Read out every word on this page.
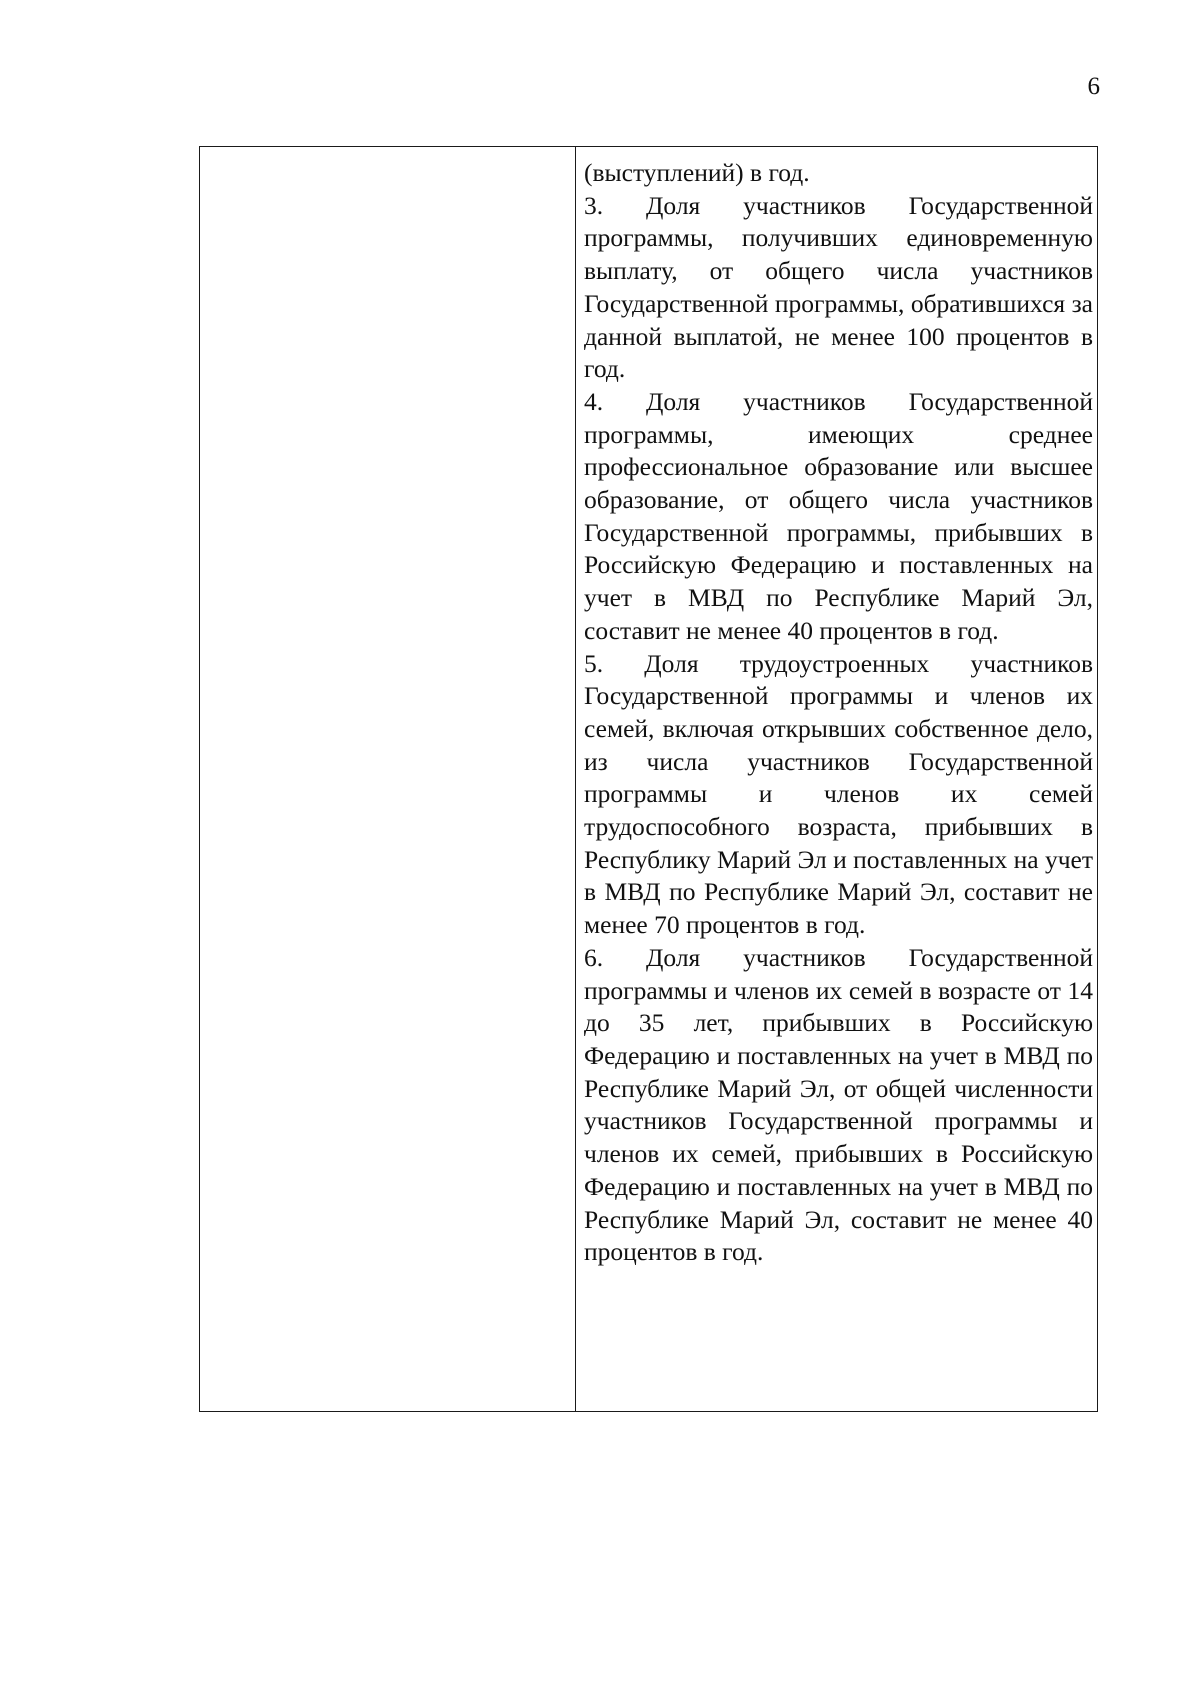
6

(выступлений) в год.

3. Доля участников Государственной программы, получивших единовременную выплату, от общего числа участников Государственной программы, обратившихся за данной выплатой, не менее 100 процентов в год.

4. Доля участников Государственной программы, имеющих среднее профессиональное образование или высшее образование, от общего числа участников Государственной программы, прибывших в Российскую Федерацию и поставленных на учет в МВД по Республике Марий Эл, составит не менее 40 процентов в год.

5. Доля трудоустроенных участников Государственной программы и членов их семей, включая открывших собственное дело, из числа участников Государственной программы и членов их семей трудоспособного возраста, прибывших в Республику Марий Эл и поставленных на учет в МВД по Республике Марий Эл, составит не менее 70 процентов в год.

6. Доля участников Государственной программы и членов их семей в возрасте от 14 до 35 лет, прибывших в Российскую Федерацию и поставленных на учет в МВД по Республике Марий Эл, от общей численности участников Государственной программы и членов их семей, прибывших в Российскую Федерацию и поставленных на учет в МВД по Республике Марий Эл, составит не менее 40 процентов в год.
